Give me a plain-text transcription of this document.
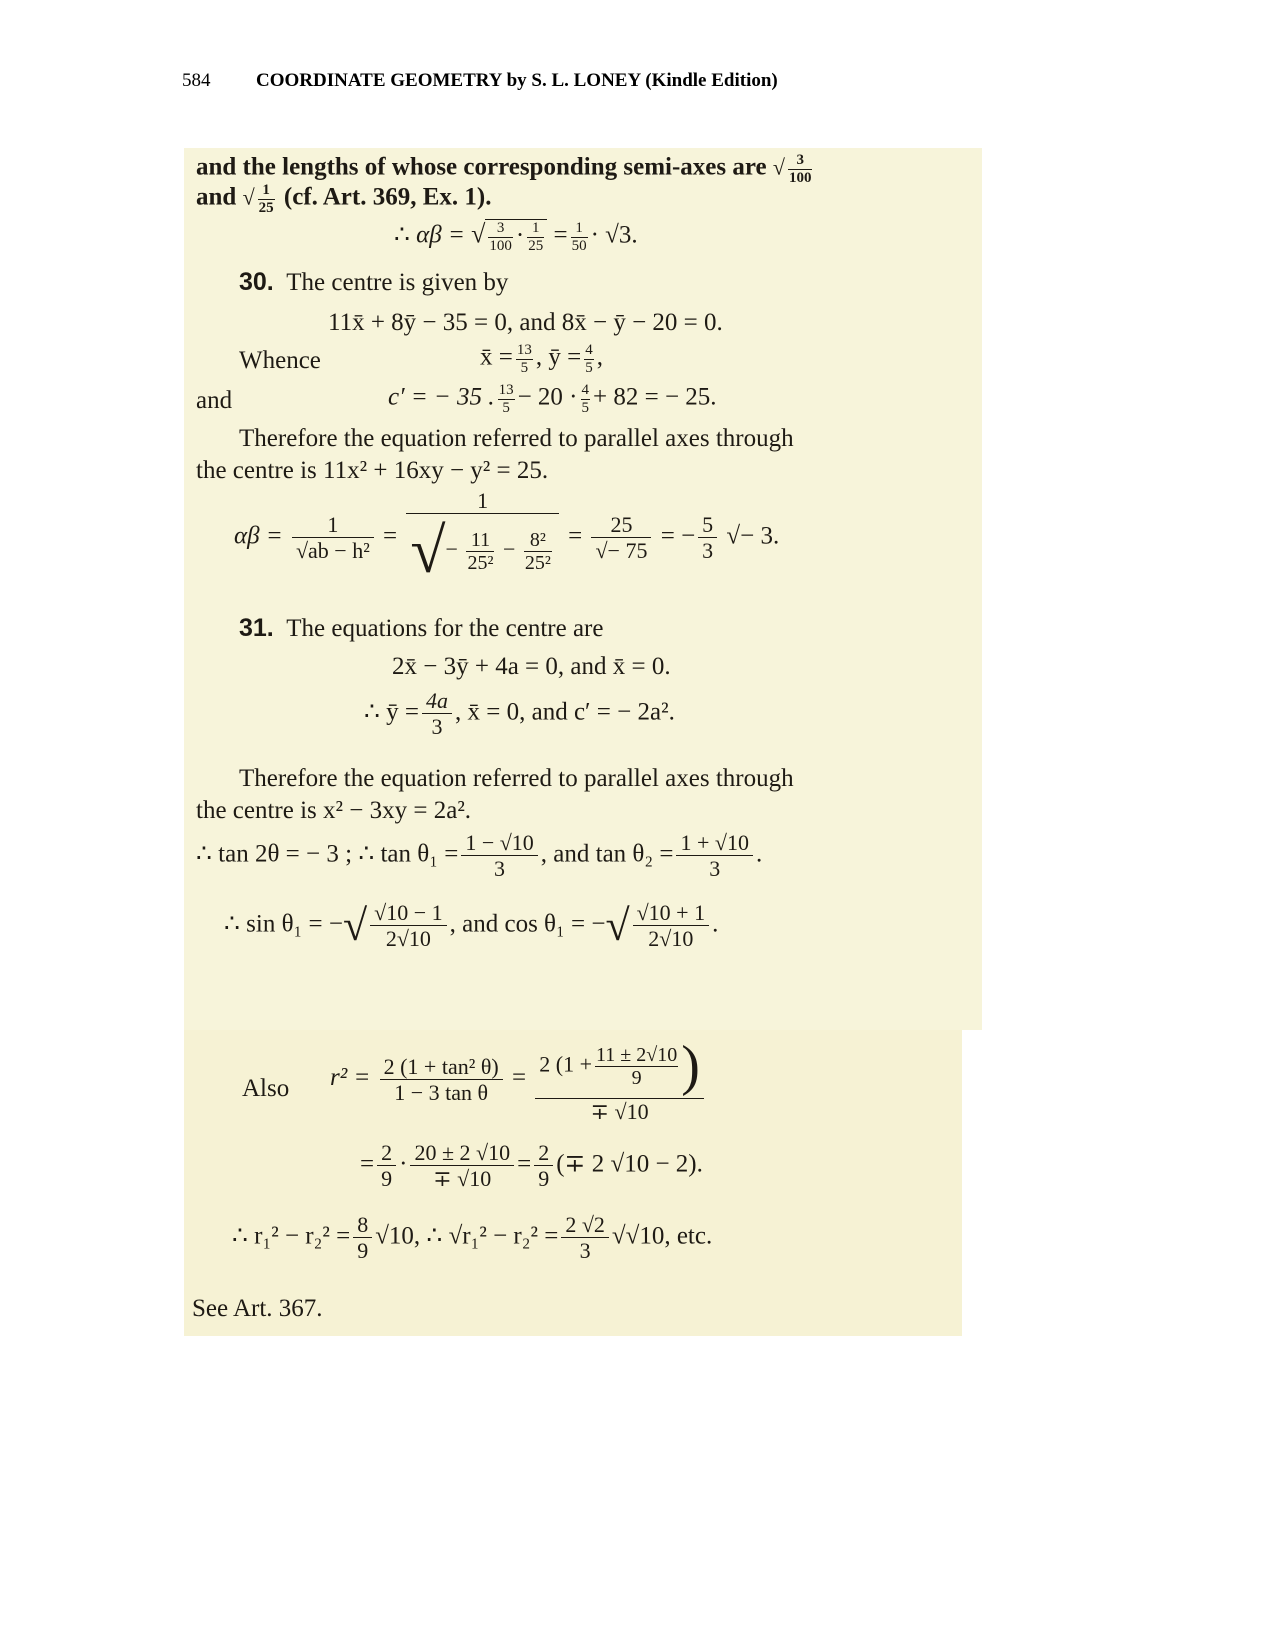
584 COORDINATE GEOMETRY by S. L. LONEY (Kindle Edition)
and the lengths of whose corresponding semi-axes are √ $\frac{3}{100}$
and √ $\frac{1}{25} (cf$. Art. 369, Ex. 1).
∴ αβ = √ $\frac{3}{100} \cdot \frac{1}{25} = \frac{1}{50} \cdot √3$.
30. The centre is given by
11x̄ + 8ȳ − 35 = 0, and 8x̄ − ȳ − 20 = 0.
Whence	x̄ = $\frac{13}{5}$ , ȳ = $\frac{4}{5}$ ,
and	c′ = − 35 . $\frac{13}{5} - 20 \cdot \frac{4}{5} + 82$ = − 25.
Therefore the equation referred to parallel axes through
the centre is 11x² + 16xy − y² = 25.
$\alpha\beta = \frac{1}{\text{√ab − h²}} = \frac{1}{√- \frac{11}{\text{25²}} - \frac{\text{8²}}{\text{25²}}} = \frac{25}{√- 75}$ = − $\frac{5}{3}$ √− 3.
31. The equations for the centre are
2x̄ − 3ȳ + 4a = 0, and x̄ = 0.
∴ ȳ = $\frac{4a}{3}$ , x̄ = 0, and c′ = − 2a².
Therefore the equation referred to parallel axes through
the centre is x² − 3xy = 2a².
∴ tan 2θ = − 3 ; ∴ $\tan \theta_1 = \frac{1 - √10}{3}$ , and $\tan \theta_2 = \frac{1 + √10}{3}$ .
∴ sin θ₁ = −√ $\frac{√10 - 1}{2√10}$ , and cos θ₁ = −√ $\frac{√10 + 1}{2√10}$ .
Also $r^2 = \frac{\text{2 (1 + tan² θ)}}{\text{1 − 3 tan θ}} = \frac{2 (1 + \frac{11 \pm 2√10}{9} )}{\mp √10}$
= $\frac{2}{9} \cdot \frac{20 \pm 2 √10}{\mp √10} = \frac{2}{9}$ (∓ 2 √10 − 2).
∴ $r_1^2 - r_2^2 = \frac{8}{9} √10$, ∴ $√r_1^2 - r_2^2 = \frac{2 √2}{3} √√10$, etc.
See Art. 367.
